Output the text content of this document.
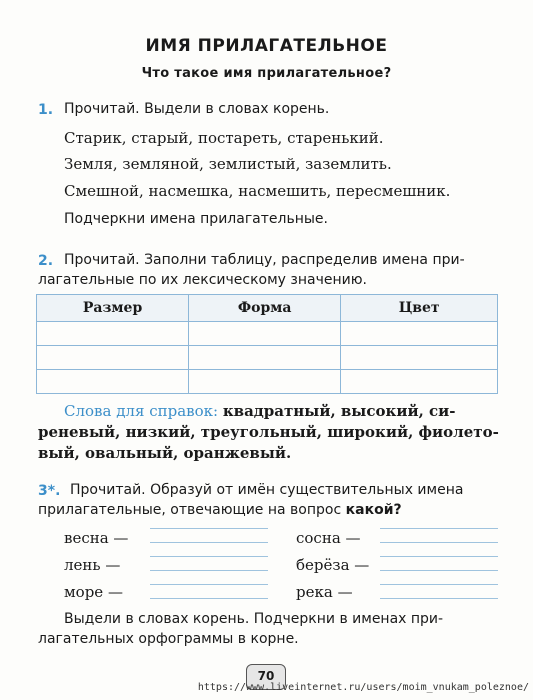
ИМЯ ПРИЛАГАТЕЛЬНОЕ
Что такое имя прилагательное?
1. Прочитай. Выдели в словах корень.
Старик, старый, постареть, старенький.
Земля, земляной, землистый, заземлить.
Смешной, насмешка, насмешить, пересмешник.
Подчеркни имена прилагательные.
2. Прочитай. Заполни таблицу, распределив имена при-
лагательные по их лексическому значению.
Размер	Форма	Цвет

Слова для справок: квадратный, высокий, си-
реневый, низкий, треугольный, широкий, фиолето-
вый, овальный, оранжевый.
3*. Прочитай. Образуй от имён существительных имена
прилагательные, отвечающие на вопрос какой?
весна —
лень —
море —
сосна —
берёза —
река —
Выдели в словах корень. Подчеркни в именах при-
лагательных орфограммы в корне.
70
https://www.liveinternet.ru/users/moim_vnukam_poleznoe/
